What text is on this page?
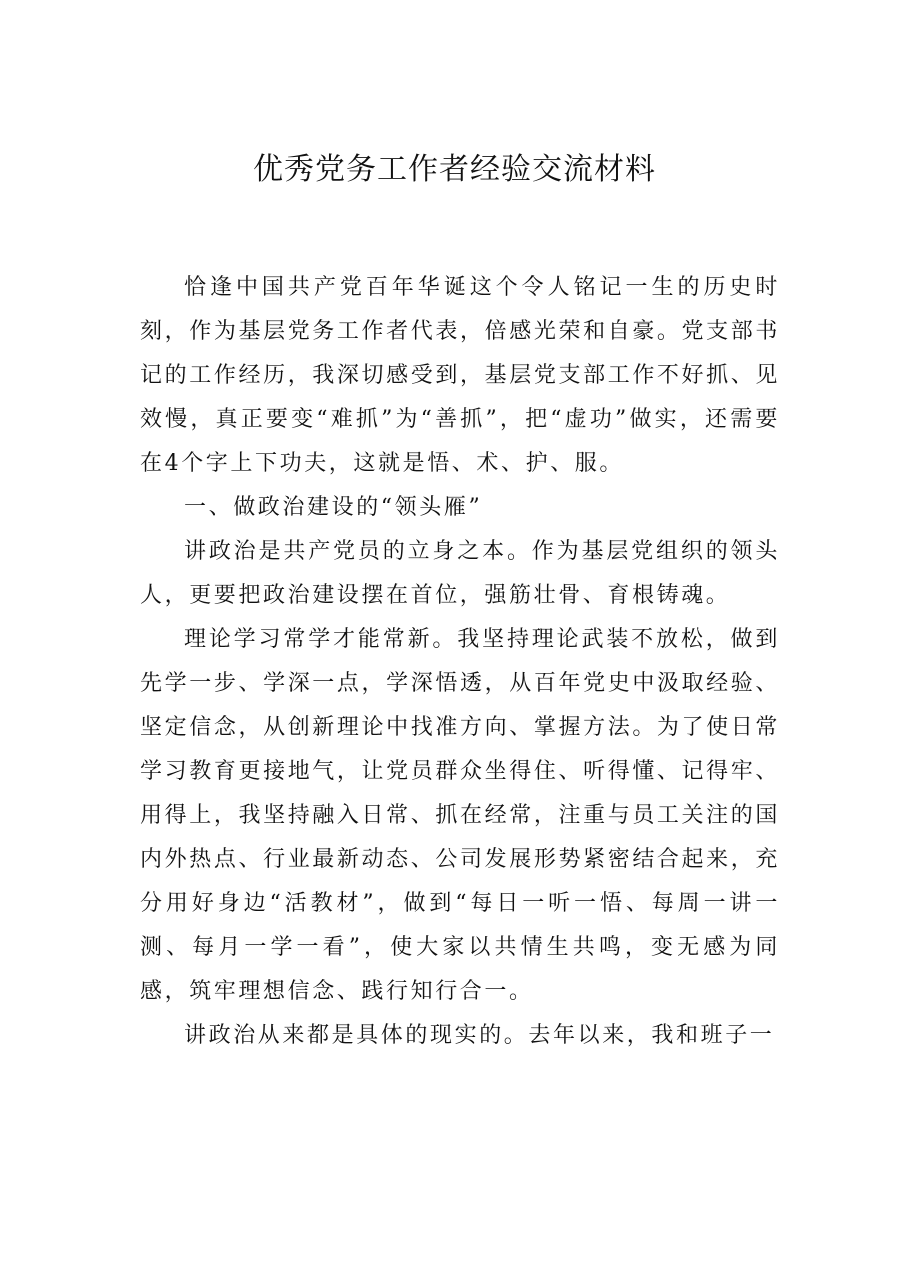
优秀党务工作者经验交流材料

恰逢中国共产党百年华诞这个令人铭记一生的历史时刻，作为基层党务工作者代表，倍感光荣和自豪。党支部书记的工作经历，我深切感受到，基层党支部工作不好抓、见效慢，真正要变“难抓”为“善抓”，把“虚功”做实，还需要在4个字上下功夫，这就是悟、术、护、服。

一、做政治建设的“领头雁”

讲政治是共产党员的立身之本。作为基层党组织的领头人，更要把政治建设摆在首位，强筋壮骨、育根铸魂。

理论学习常学才能常新。我坚持理论武装不放松，做到先学一步、学深一点，学深悟透，从百年党史中汲取经验、坚定信念，从创新理论中找准方向、掌握方法。为了使日常学习教育更接地气，让党员群众坐得住、听得懂、记得牢、用得上，我坚持融入日常、抓在经常，注重与员工关注的国内外热点、行业最新动态、公司发展形势紧密结合起来，充分用好身边“活教材”，做到“每日一听一悟、每周一讲一测、每月一学一看”，使大家以共情生共鸣，变无感为同感，筑牢理想信念、践行知行合一。

讲政治从来都是具体的现实的。去年以来，我和班子一
